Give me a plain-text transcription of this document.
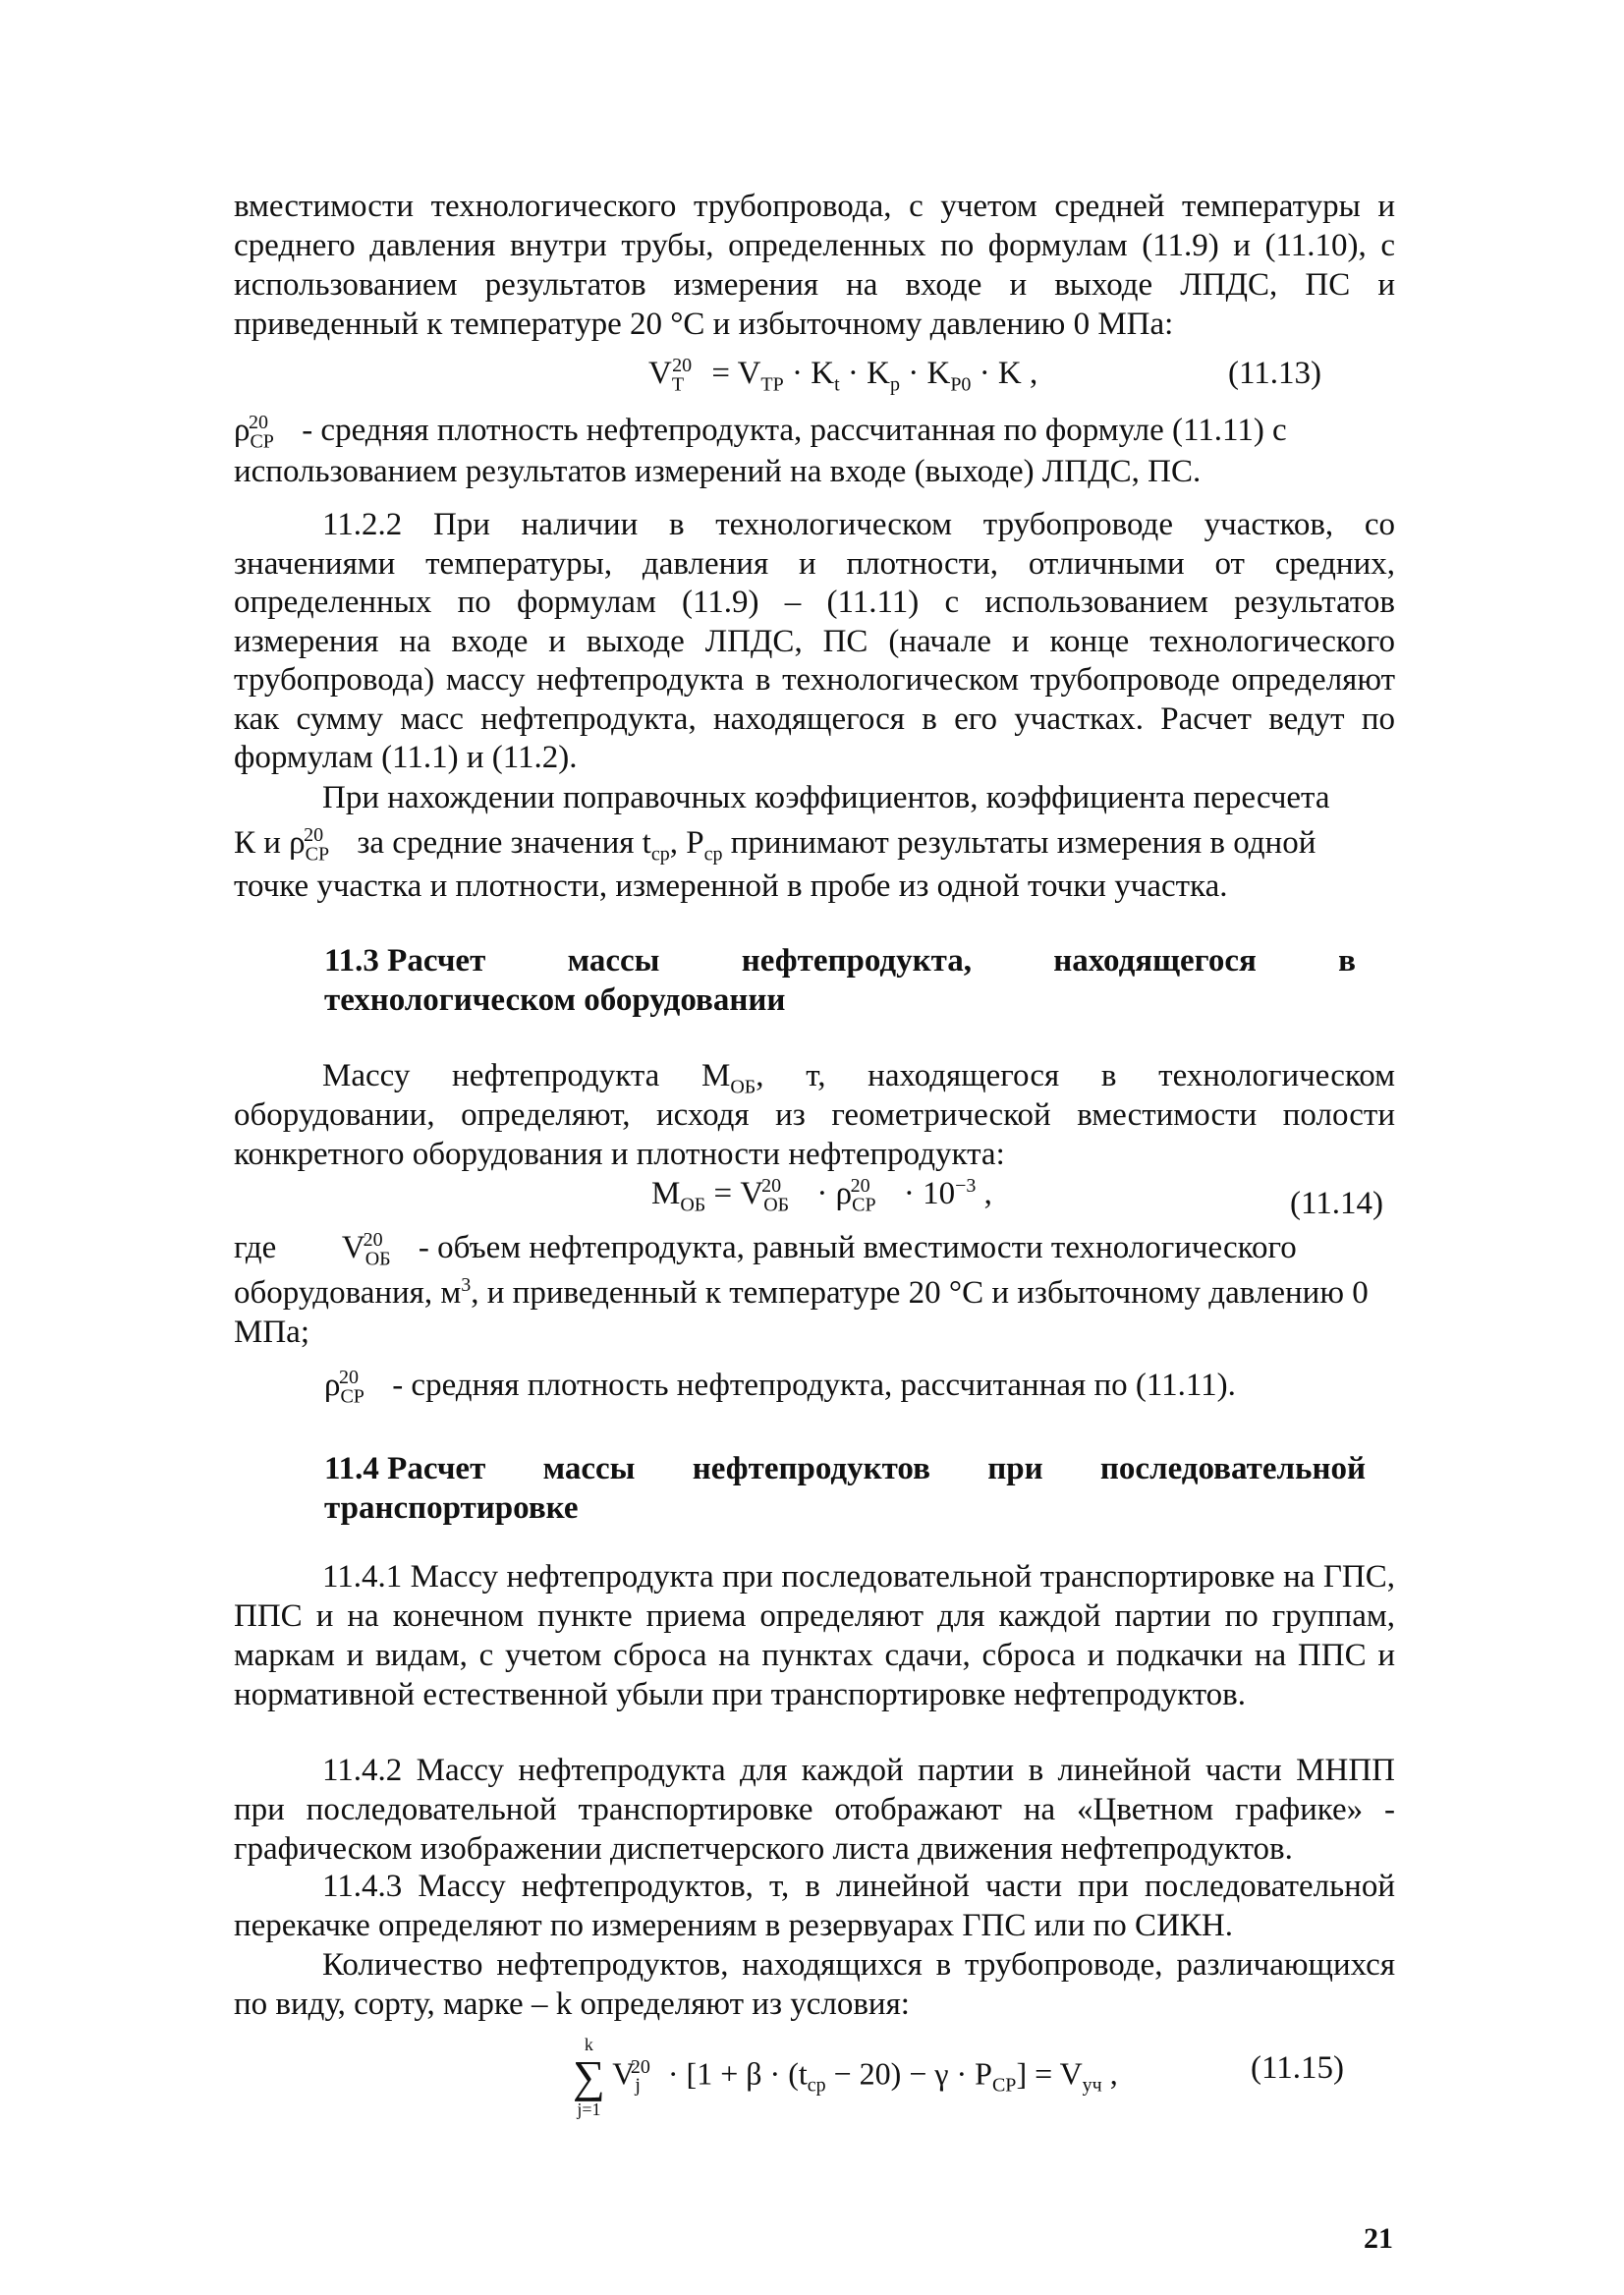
вместимости технологического трубопровода, с учетом средней температуры и среднего давления внутри трубы, определенных по формулам (11.9) и (11.10), с использованием результатов измерения на входе и выходе ЛПДС, ПС и приведенный к температуре 20 °С и избыточному давлению 0 МПа:

$V_T^{20} = V_{TP} \cdot K_t \cdot K_p \cdot K_{P0} \cdot K$ ,	(11.13)
$\rho_{CP}^{20}$ - средняя плотность нефтепродукта, рассчитанная по формуле (11.11) с
использованием результатов измерений на входе (выходе) ЛПДС, ПС.

11.2.2 При наличии в технологическом трубопроводе участков, со значениями температуры, давления и плотности, отличными от средних, определенных по формулам (11.9) – (11.11) с использованием результатов измерения на входе и выходе ЛПДС, ПС (начале и конце технологического трубопровода) массу нефтепродукта в технологическом трубопроводе определяют как сумму масс нефтепродукта, находящегося в его участках. Расчет ведут по формулам (11.1) и (11.2).

При нахождении поправочных коэффициентов, коэффициента пересчета
К и $\rho_{CP}^{20}$ за средние значения $t_{ср}$, $P_{ср}$ принимают результаты измерения в одной
точке участка и плотности, измеренной в пробе из одной точки участка.
11.3 Расчет	массы	нефтепродукта,	находящегося	в
технологическом оборудовании

Массу нефтепродукта $М_{ОБ}$, т, находящегося в технологическом оборудовании, определяют, исходя из геометрической вместимости полости конкретного оборудования и плотности нефтепродукта:

$M_{ОБ} = V_{ОБ}^{20} \cdot \rho_{CP}^{20} \cdot 10^{-3}$ ,	(11.14)
где $V_{ОБ}^{20}$ - объем нефтепродукта, равный вместимости технологического
оборудования, $м^3$, и приведенный к температуре 20 °С и избыточному давлению 0 МПа;
$\rho_{CP}^{20}$ - средняя плотность нефтепродукта, рассчитанная по (11.11).
11.4 Расчет массы нефтепродуктов при последовательной
транспортировке

11.4.1 Массу нефтепродукта при последовательной транспортировке на ГПС, ППС и на конечном пункте приема определяют для каждой партии по группам, маркам и видам, с учетом сброса на пунктах сдачи, сброса и подкачки на ППС и нормативной естественной убыли при транспортировке нефтепродуктов.

11.4.2 Массу нефтепродукта для каждой партии в линейной части МНПП при последовательной транспортировке отображают на «Цветном графике» - графическом изображении диспетчерского листа движения нефтепродуктов.

11.4.3 Массу нефтепродуктов, т, в линейной части при последовательной перекачке определяют по измерениям в резервуарах ГПС или по СИКН.

Количество нефтепродуктов, находящихся в трубопроводе, различающихся по виду, сорту, марке – k определяют из условия:

k
∑
j=1
$V_j^{20} \cdot [1 + \beta \cdot (t_{cp} - 20) - \gamma \cdot P_{CP}] = V_{уч}$ ,	(11.15)
21
